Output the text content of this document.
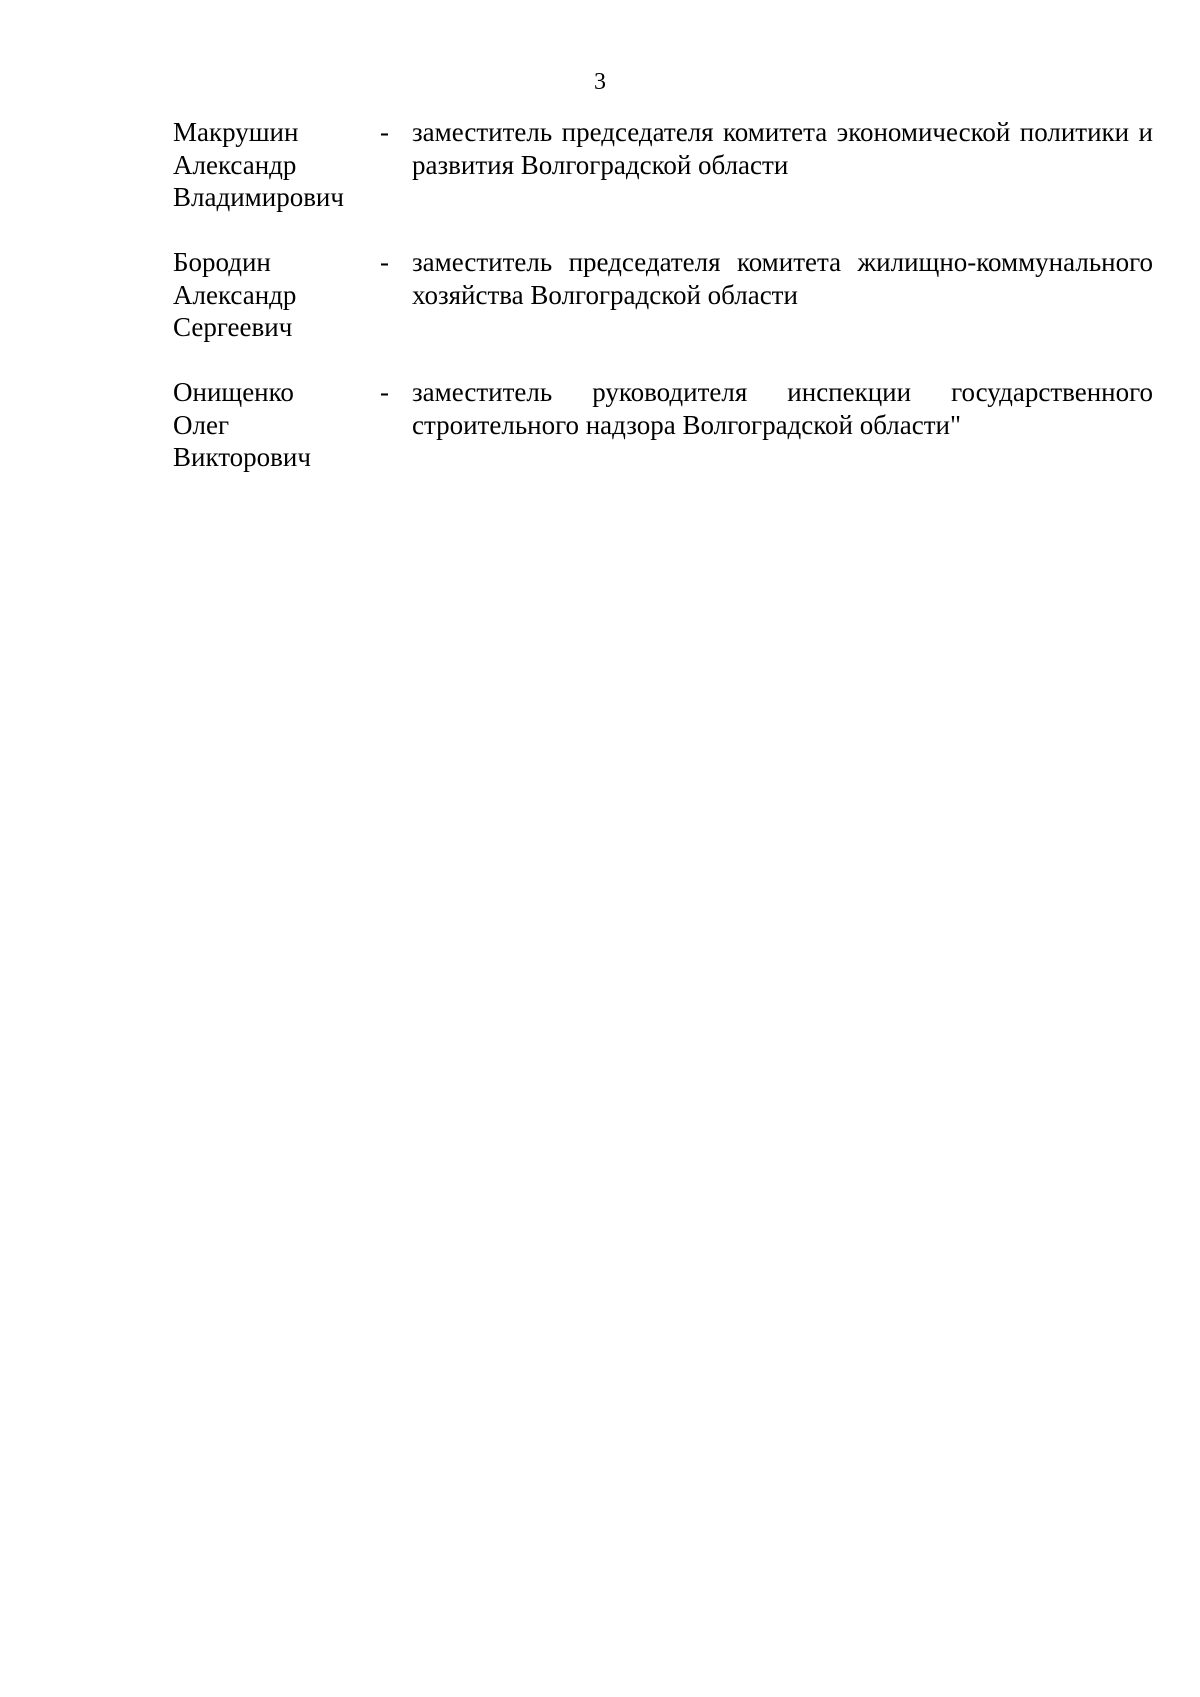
3
Макрушин
Александр
Владимирович
- заместитель председателя комитета экономической политики и развития Волгоградской области
Бородин
Александр
Сергеевич
- заместитель председателя комитета жилищно-коммунального хозяйства Волгоградской области
Онищенко
Олег
Викторович
- заместитель руководителя инспекции государственного строительного надзора Волгоградской области"
